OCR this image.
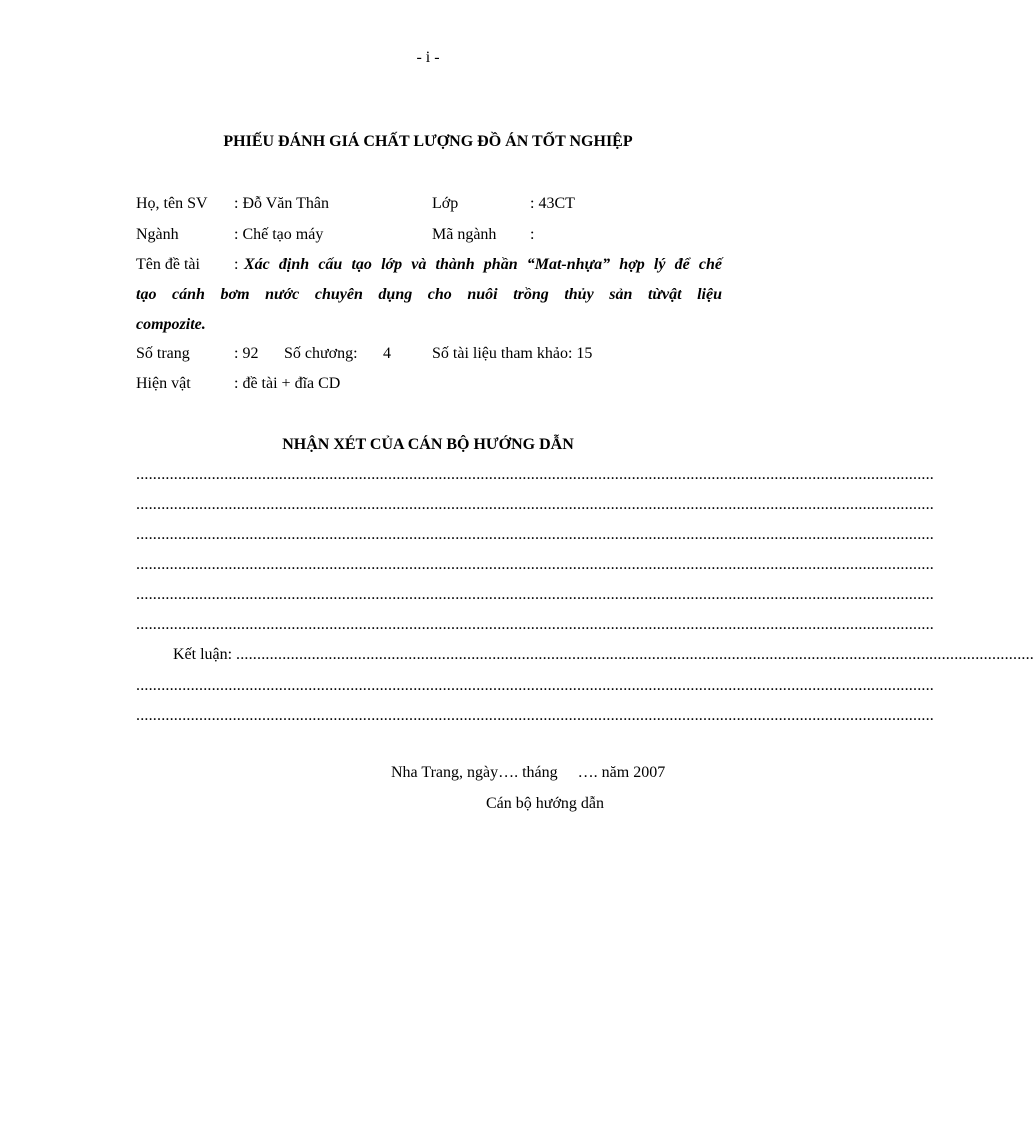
- i -
PHIẾU ĐÁNH GIÁ CHẤT LƯỢNG ĐỒ ÁN TỐT NGHIỆP
Họ, tên SV : Đỗ Văn Thân	Lớp	: 43CT
Ngành	: Chế tạo máy	Mã ngành :
Tên đề tài : Xác định cấu tạo lớp và thành phần “Mat-nhựa” hợp lý để chế
tạo cánh bơm nước chuyên dụng cho nuôi trồng thủy sản từvật liệu
compozite.
Số trang	: 92 Số chương: 4	Số tài liệu tham khảo: 15
Hiện vật	: đề tài + đĩa CD
NHẬN XÉT CỦA CÁN BỘ HƯỚNG DẪN
..............................................................................................................................................................................................
..............................................................................................................................................................................................
..............................................................................................................................................................................................
..............................................................................................................................................................................................
..............................................................................................................................................................................................
..............................................................................................................................................................................................
Kết luận: ..............................................................................................................................................................................................
..............................................................................................................................................................................................
..............................................................................................................................................................................................
Nha Trang, ngày…. tháng     …. năm 2007
Cán bộ hướng dẫn
